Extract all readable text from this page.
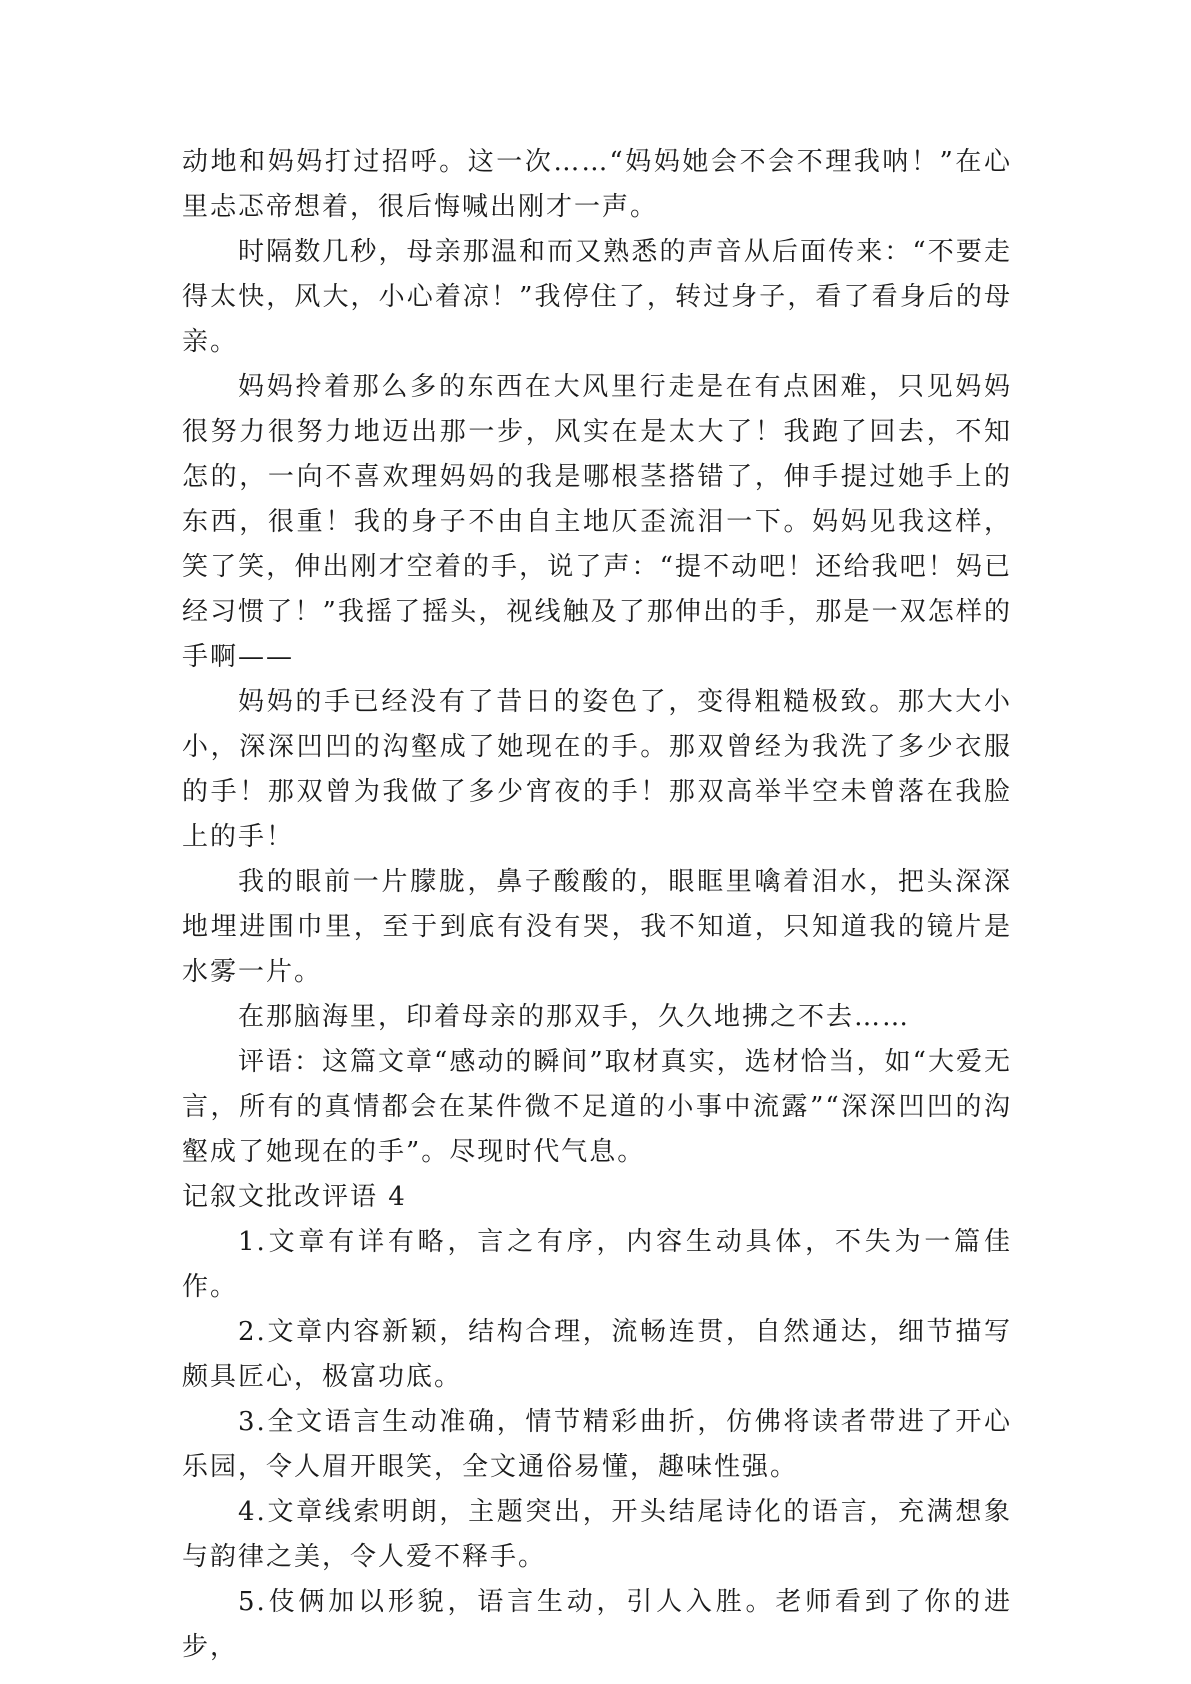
动地和妈妈打过招呼。这一次……“妈妈她会不会不理我呐！”在心里忐忑帝想着，很后悔喊出刚才一声。

时隔数几秒，母亲那温和而又熟悉的声音从后面传来：“不要走得太快，风大，小心着凉！”我停住了，转过身子，看了看身后的母亲。

妈妈拎着那么多的东西在大风里行走是在有点困难，只见妈妈很努力很努力地迈出那一步，风实在是太大了！我跑了回去，不知怎的，一向不喜欢理妈妈的我是哪根茎搭错了，伸手提过她手上的东西，很重！我的身子不由自主地仄歪流泪一下。妈妈见我这样，笑了笑，伸出刚才空着的手，说了声：“提不动吧！还给我吧！妈已经习惯了！”我摇了摇头，视线触及了那伸出的手，那是一双怎样的手啊——

妈妈的手已经没有了昔日的姿色了，变得粗糙极致。那大大小小，深深凹凹的沟壑成了她现在的手。那双曾经为我洗了多少衣服的手！那双曾为我做了多少宵夜的手！那双高举半空未曾落在我脸上的手！

我的眼前一片朦胧，鼻子酸酸的，眼眶里噙着泪水，把头深深地埋进围巾里，至于到底有没有哭，我不知道，只知道我的镜片是水雾一片。

在那脑海里，印着母亲的那双手，久久地拂之不去……

评语：这篇文章“感动的瞬间”取材真实，选材恰当，如“大爱无言，所有的真情都会在某件微不足道的小事中流露”“深深凹凹的沟壑成了她现在的手”。尽现时代气息。

记叙文批改评语 4

1.文章有详有略，言之有序，内容生动具体，不失为一篇佳作。

2.文章内容新颖，结构合理，流畅连贯，自然通达，细节描写颇具匠心，极富功底。

3.全文语言生动准确，情节精彩曲折，仿佛将读者带进了开心乐园，令人眉开眼笑，全文通俗易懂，趣味性强。

4.文章线索明朗，主题突出，开头结尾诗化的语言，充满想象与韵律之美，令人爱不释手。

5.伎俩加以形貌，语言生动，引人入胜。老师看到了你的进步，
